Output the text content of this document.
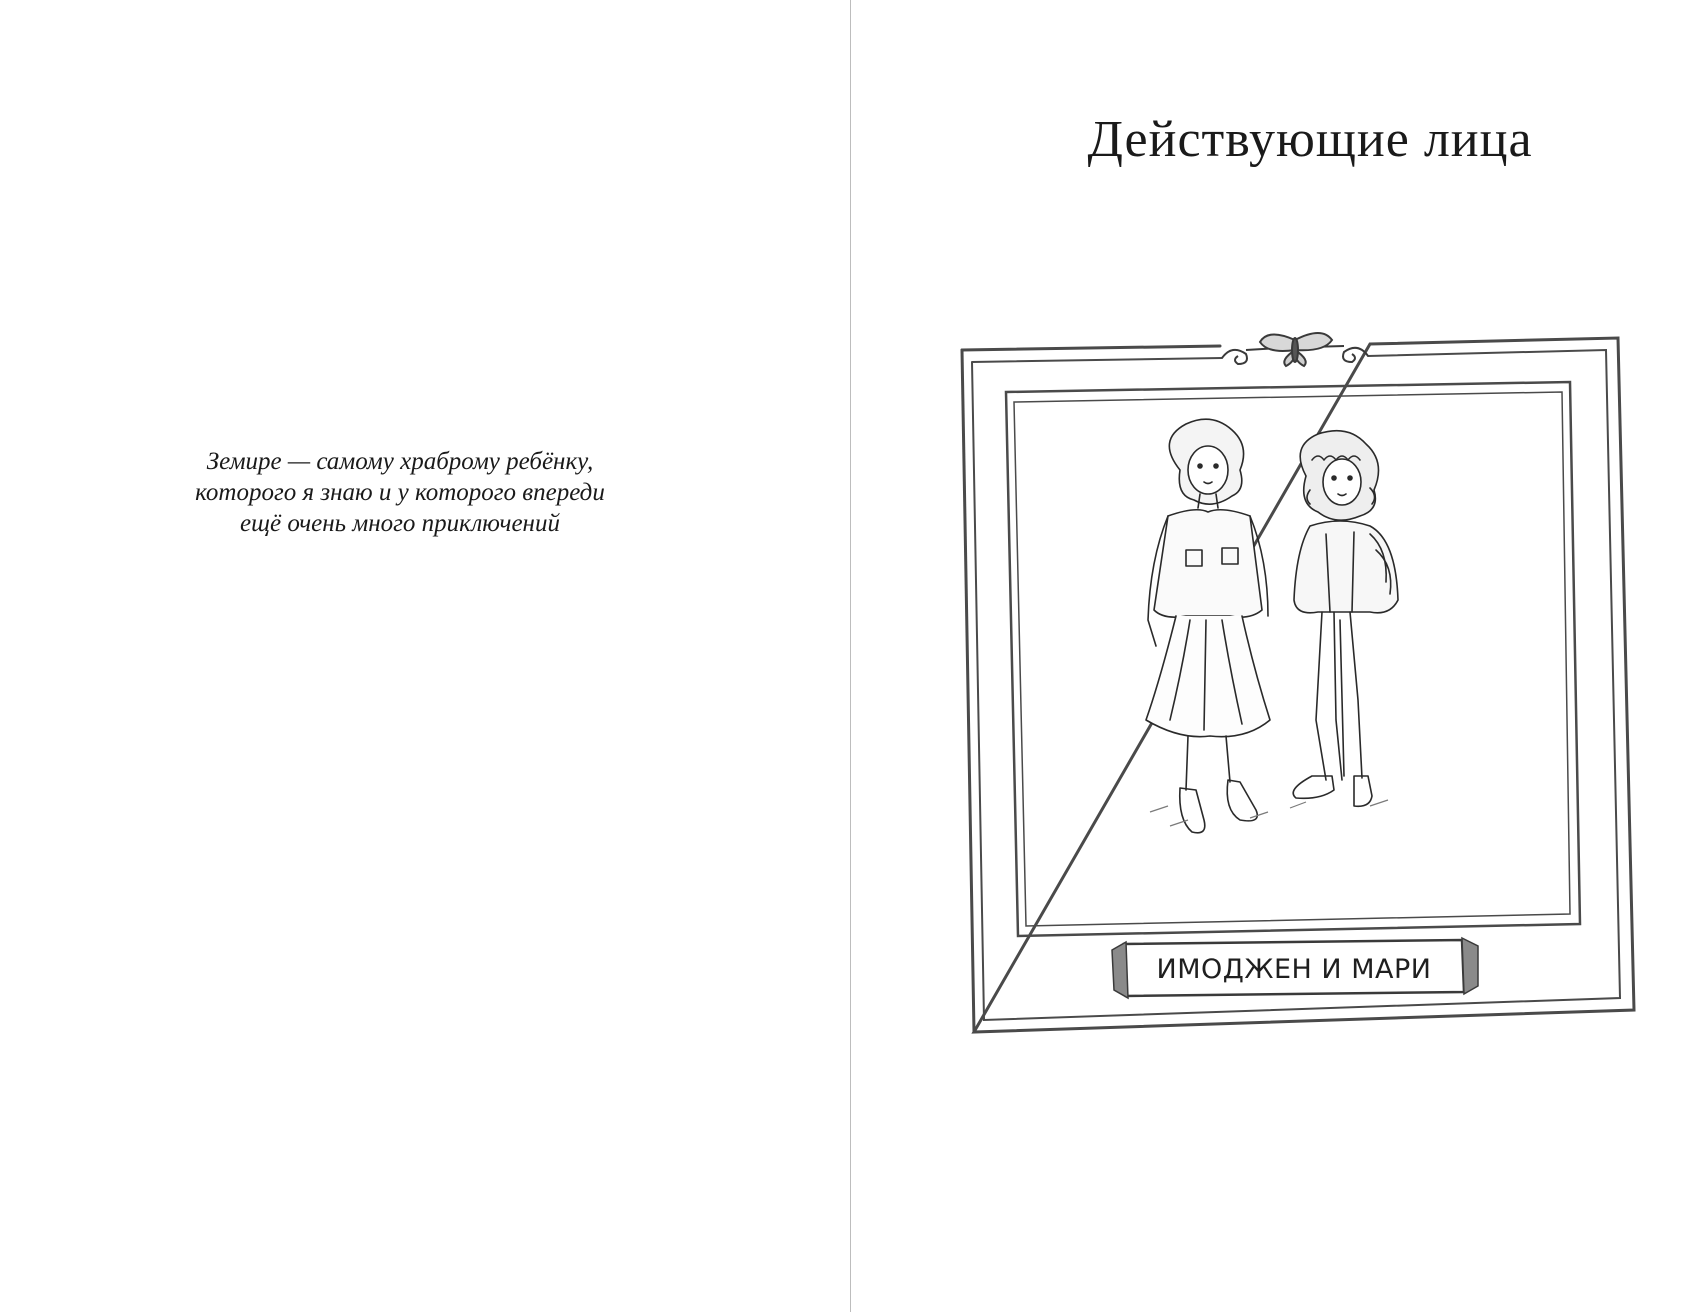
Земире — самому храброму ребёнку,
которого я знаю и у которого впереди
ещё очень много приключений
Действующие лица
ИМОДЖЕН И МАРИ
